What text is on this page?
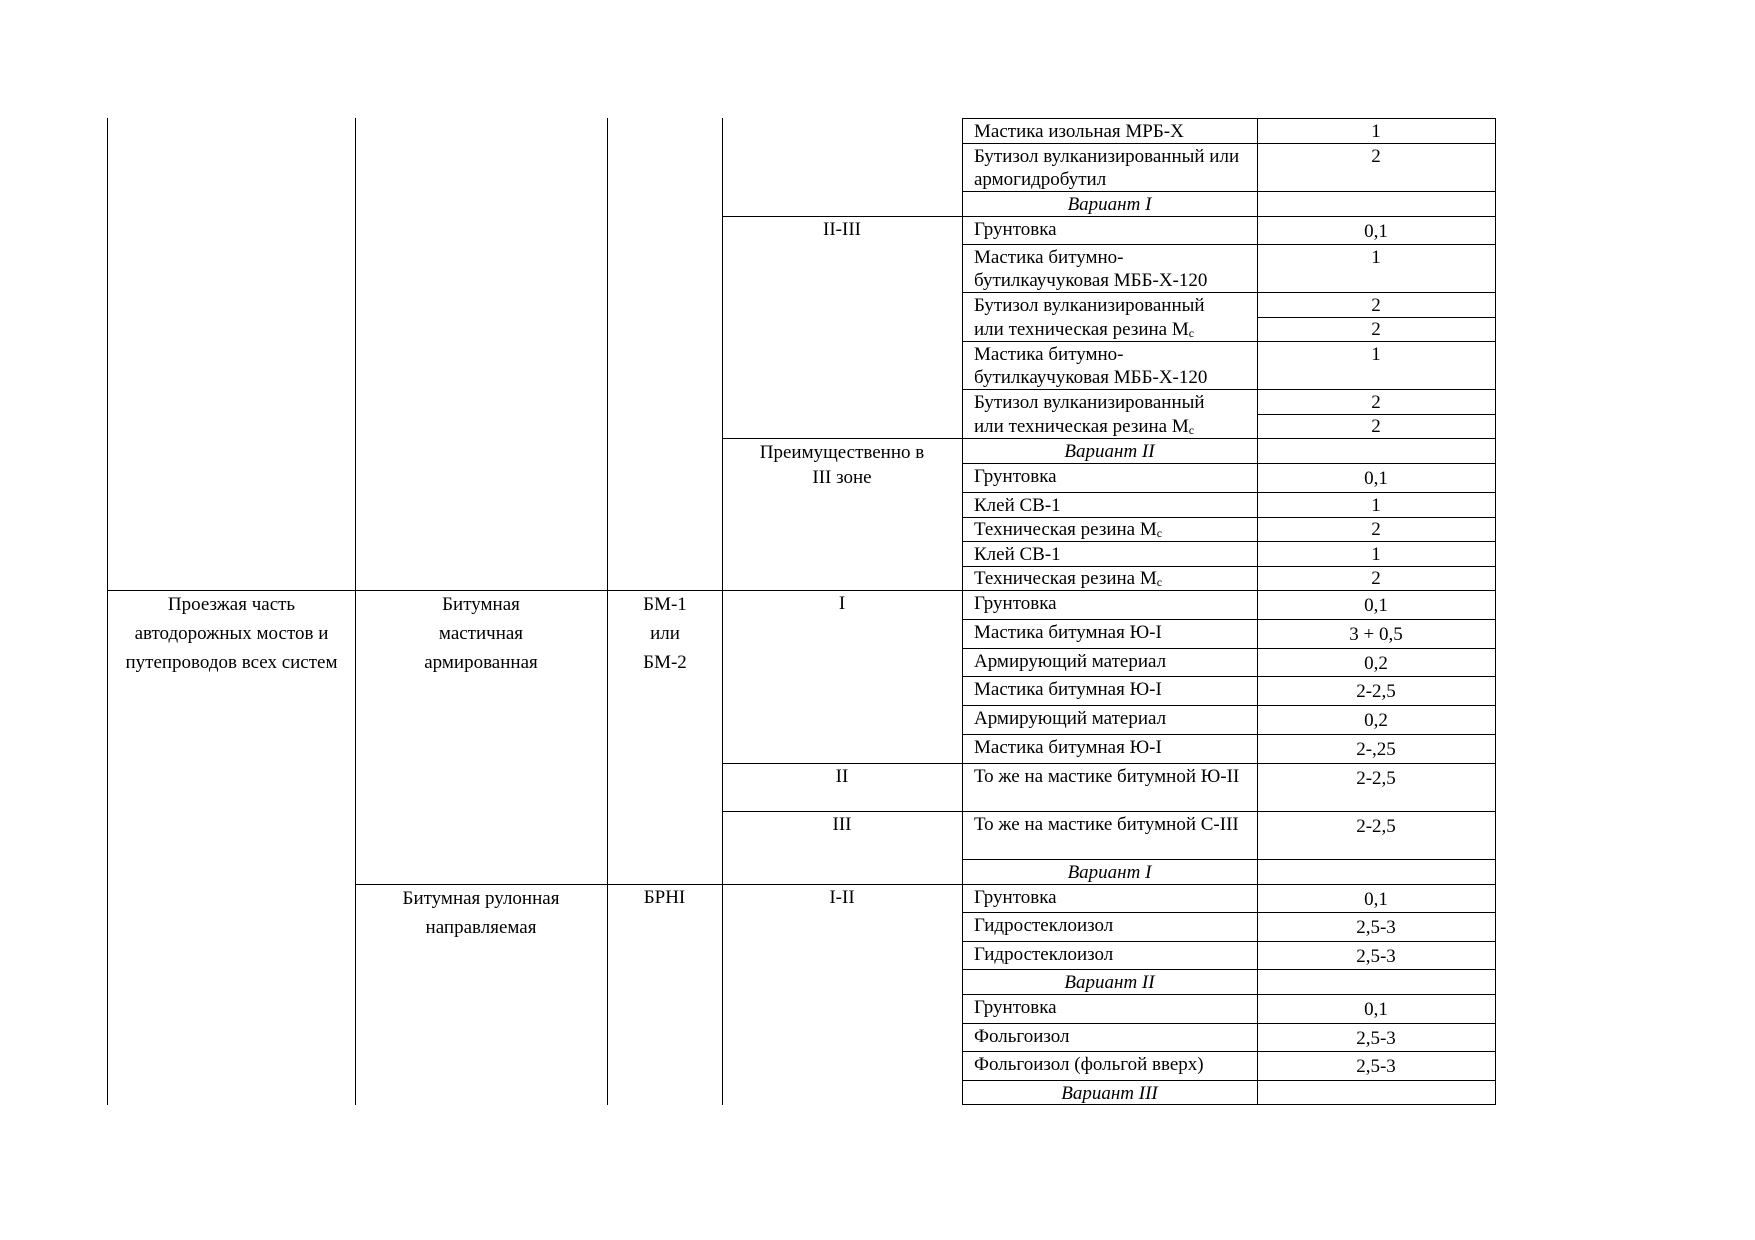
Мастика изольная МРБ-Х
Бутизол вулканизированный или армогидробутил
Вариант I
Грунтовка
Мастика битумно-бутилкаучуковая МББ-Х-120
Бутизол вулканизированный
или техническая резина $М_с$
Мастика битумно-бутилкаучуковая МББ-Х-120
Бутизол вулканизированный
или техническая резина $М_с$
Вариант II
Грунтовка
Клей СВ-1
Техническая резина $М_с$
Клей СВ-1
Техническая резина $М_с$
Грунтовка
Мастика битумная Ю-I
Армирующий материал
Мастика битумная Ю-I
Армирующий материал
Мастика битумная Ю-I
То же на мастике битумной Ю-II
То же на мастике битумной С-III
Вариант I
Грунтовка
Гидростеклоизол
Гидростеклоизол
Вариант II
Грунтовка
Фольгоизол
Фольгоизол (фольгой вверх)
Вариант III
1
2
0,1
1
2
2
1
2
2
0,1
1
2
1
2
0,1
3 + 0,5
0,2
2-2,5
0,2
2-,25
2-2,5
2-2,5
0,1
2,5-3
2,5-3
0,1
2,5-3
2,5-3
II-III
Преимущественно в III зоне
I
II
III
I-II
Проезжая часть автодорожных мостов и путепроводов всех систем
Битумная мастичная армированная
БМ-1 или БМ-2
Битумная рулонная направляемая
БРНI
